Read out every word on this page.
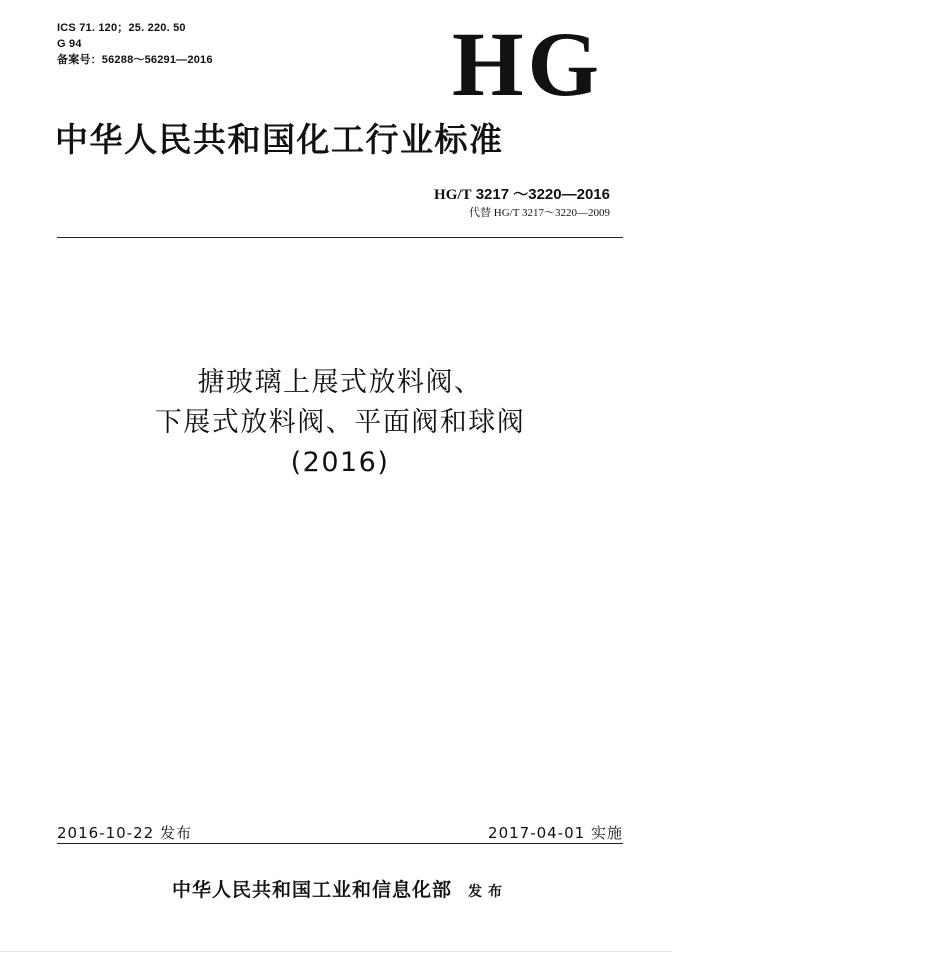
ICS 71. 120；25. 220. 50
G 94
备案号：56288～56291—2016	HG
中华人民共和国化工行业标准
HG/T 3217 ～3220—2016
代替 HG/T 3217～3220—2009
搪玻璃上展式放料阀、
下展式放料阀、平面阀和球阀
(2016)
2016-10-22 发布	2017-04-01 实施
中华人民共和国工业和信息化部 发布
